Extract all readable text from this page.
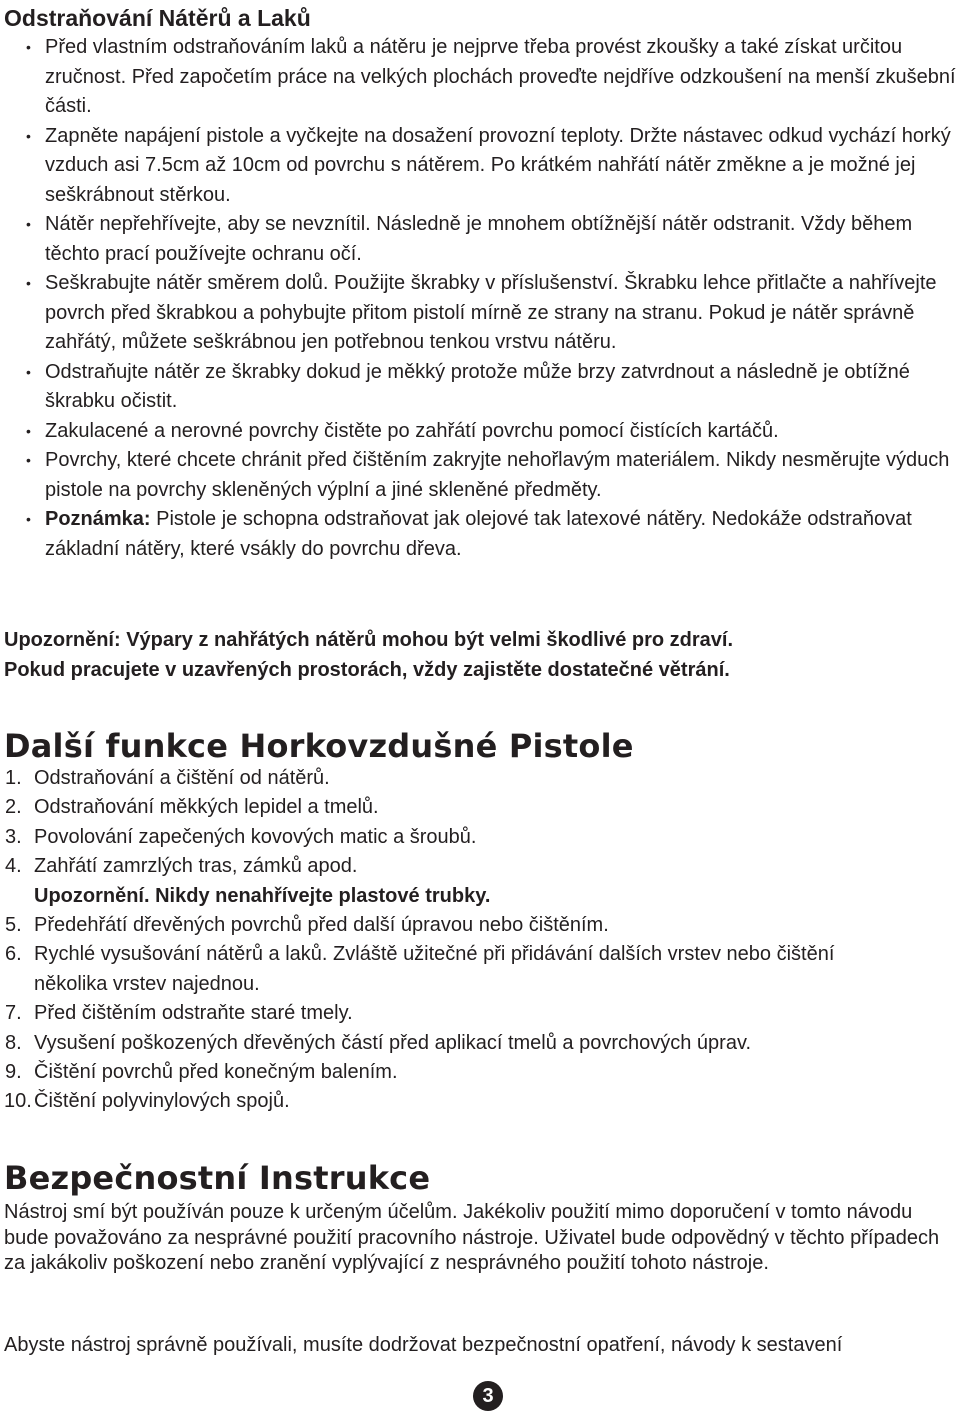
Odstraňování Nátěrů a Laků
• Před vlastním odstraňováním laků a nátěru je nejprve třeba provést zkoušky a také získat určitou zručnost. Před započetím práce na velkých plochách proveďte nejdříve odzkoušení na menší zkušební části.
• Zapněte napájení pistole a vyčkejte na dosažení provozní teploty. Držte nástavec odkud vychází horký vzduch asi 7.5cm až 10cm od povrchu s nátěrem. Po krátkém nahřátí nátěr změkne a je možné jej seškrábnout stěrkou.
• Nátěr nepřehřívejte, aby se nevznítil. Následně je mnohem obtížnější nátěr odstranit. Vždy během těchto prací používejte ochranu očí.
• Seškrabujte nátěr směrem dolů. Použijte škrabky v příslušenství. Škrabku lehce přitlačte a nahřívejte povrch před škrabkou a pohybujte přitom pistolí mírně ze strany na stranu. Pokud je nátěr správně zahřátý, můžete seškrábnou jen potřebnou tenkou vrstvu nátěru.
• Odstraňujte nátěr ze škrabky dokud je měkký protože může brzy zatvrdnout a následně je obtížné škrabku očistit.
• Zakulacené a nerovné povrchy čistěte po zahřátí povrchu pomocí čistících kartáčů.
• Povrchy, které chcete chránit před čištěním zakryjte nehořlavým materiálem. Nikdy nesměrujte výduch pistole na povrchy skleněných výplní a jiné skleněné předměty.
• Poznámka: Pistole je schopna odstraňovat jak olejové tak latexové nátěry. Nedokáže odstraňovat základní nátěry, které vsákly do povrchu dřeva.
Upozornění: Výpary z nahřátých nátěrů mohou být velmi škodlivé pro zdraví.
Pokud pracujete v uzavřených prostorách, vždy zajistěte dostatečné větrání.
Další funkce Horkovzdušné Pistole
1. Odstraňování a čištění od nátěrů.
2. Odstraňování měkkých lepidel a tmelů.
3. Povolování zapečených kovových matic a šroubů.
4. Zahřátí zamrzlých tras, zámků apod.
Upozornění. Nikdy nenahřívejte plastové trubky.
5. Předehřátí dřevěných povrchů před další úpravou nebo čištěním.
6. Rychlé vysušování nátěrů a laků. Zvláště užitečné při přidávání dalších vrstev nebo čištění několika vrstev najednou.
7. Před čištěním odstraňte staré tmely.
8. Vysušení poškozených dřevěných částí před aplikací tmelů a povrchových úprav.
9. Čištění povrchů před konečným balením.
10. Čištění polyvinylových spojů.
Bezpečnostní Instrukce

Nástroj smí být používán pouze k určeným účelům. Jakékoliv použití mimo doporučení v tomto návodu bude považováno za nesprávné použití pracovního nástroje. Uživatel bude odpovědný v těchto případech za jakákoliv poškození nebo zranění vyplývající z nesprávného použití tohoto nástroje.

Abyste nástroj správně používali, musíte dodržovat bezpečnostní opatření, návody k sestavení

3
